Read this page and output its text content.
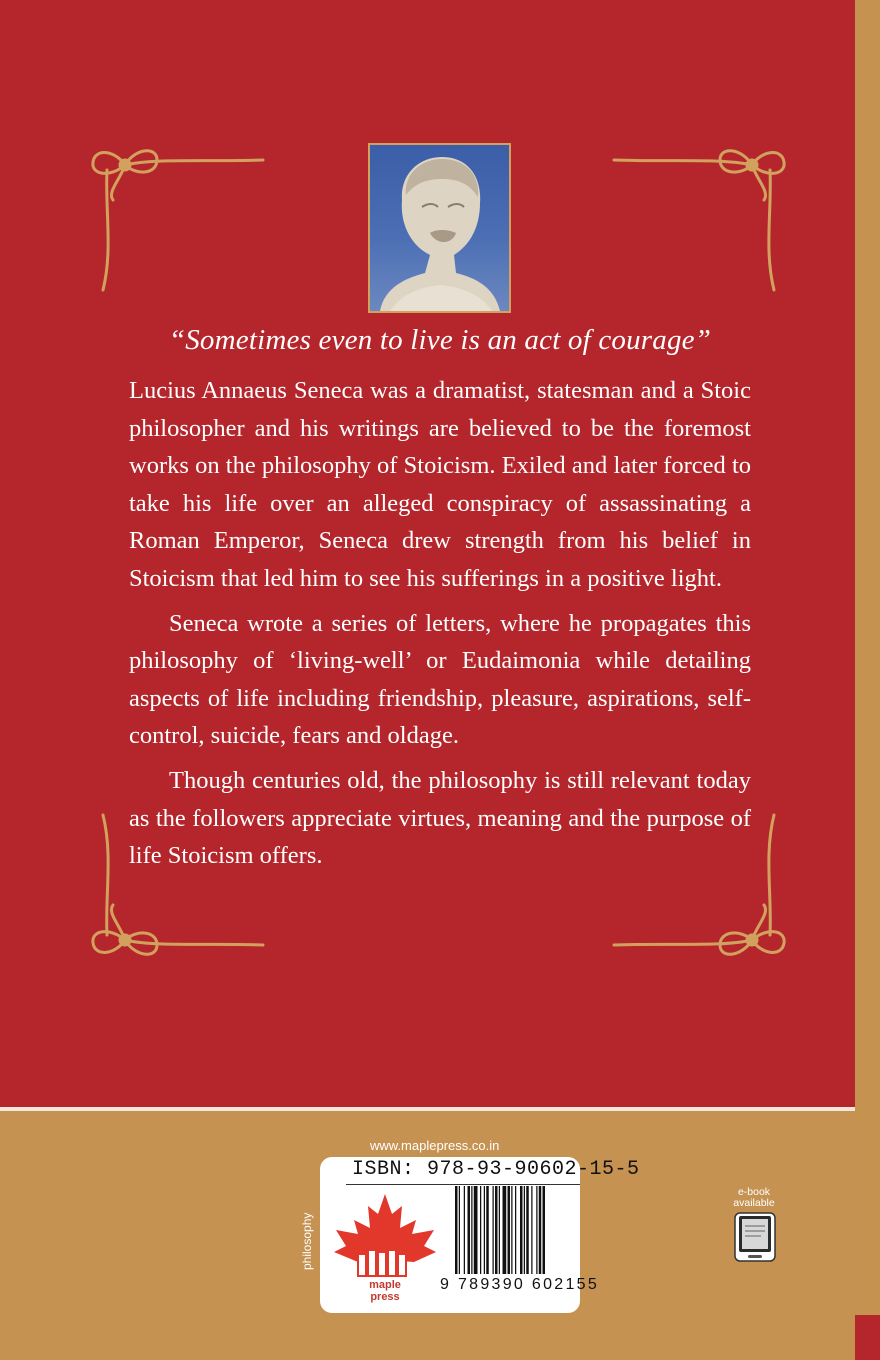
“Sometimes even to live is an act of courage”

Lucius Annaeus Seneca was a dramatist, statesman and a Stoic philosopher and his writings are believed to be the foremost works on the philosophy of Stoicism. Exiled and later forced to take his life over an alleged conspiracy of assassinating a Roman Emperor, Seneca drew strength from his belief in Stoicism that led him to see his sufferings in a positive light.

Seneca wrote a series of letters, where he propagates this philosophy of ‘living-well’ or Eudaimonia while detailing aspects of life including friendship, pleasure, aspirations, self-control, suicide, fears and oldage.

Though centuries old, the philosophy is still relevant today as the followers appreciate virtues, meaning and the purpose of life Stoicism offers.

www.maplepress.co.in
ISBN: 978-93-90602-15-5
9 789390 602155
maple press
philosophy
e-book available
